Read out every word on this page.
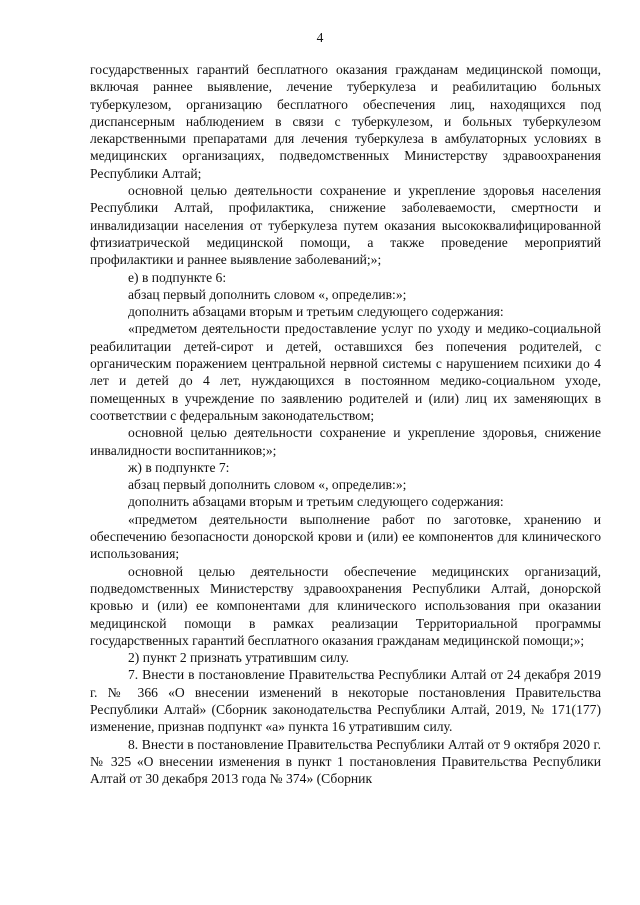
4

государственных гарантий бесплатного оказания гражданам медицинской помощи, включая раннее выявление, лечение туберкулеза и реабилитацию больных туберкулезом, организацию бесплатного обеспечения лиц, находящихся под диспансерным наблюдением в связи с туберкулезом, и больных туберкулезом лекарственными препаратами для лечения туберкулеза в амбулаторных условиях в медицинских организациях, подведомственных Министерству здравоохранения Республики Алтай;

основной целью деятельности сохранение и укрепление здоровья населения Республики Алтай, профилактика, снижение заболеваемости, смертности и инвалидизации населения от туберкулеза путем оказания высококвалифицированной фтизиатрической медицинской помощи, а также проведение мероприятий профилактики и раннее выявление заболеваний;»;

е) в подпункте 6:

абзац первый дополнить словом «, определив:»;

дополнить абзацами вторым и третьим следующего содержания:

«предметом деятельности предоставление услуг по уходу и медико-социальной реабилитации детей-сирот и детей, оставшихся без попечения родителей, с органическим поражением центральной нервной системы с нарушением психики до 4 лет и детей до 4 лет, нуждающихся в постоянном медико-социальном уходе, помещенных в учреждение по заявлению родителей и (или) лиц их заменяющих в соответствии с федеральным законодательством;

основной целью деятельности сохранение и укрепление здоровья, снижение инвалидности воспитанников;»;

ж) в подпункте 7:

абзац первый дополнить словом «, определив:»;

дополнить абзацами вторым и третьим следующего содержания:

«предметом деятельности выполнение работ по заготовке, хранению и обеспечению безопасности донорской крови и (или) ее компонентов для клинического использования;

основной целью деятельности обеспечение медицинских организаций, подведомственных Министерству здравоохранения Республики Алтай, донорской кровью и (или) ее компонентами для клинического использования при оказании медицинской помощи в рамках реализации Территориальной программы государственных гарантий бесплатного оказания гражданам медицинской помощи;»;

2) пункт 2 признать утратившим силу.

7. Внести в постановление Правительства Республики Алтай от 24 декабря 2019 г. № 366 «О внесении изменений в некоторые постановления Правительства Республики Алтай» (Сборник законодательства Республики Алтай, 2019, № 171(177) изменение, признав подпункт «а» пункта 16 утратившим силу.

8. Внести в постановление Правительства Республики Алтай от 9 октября 2020 г. № 325 «О внесении изменения в пункт 1 постановления Правительства Республики Алтай от 30 декабря 2013 года № 374» (Сборник
